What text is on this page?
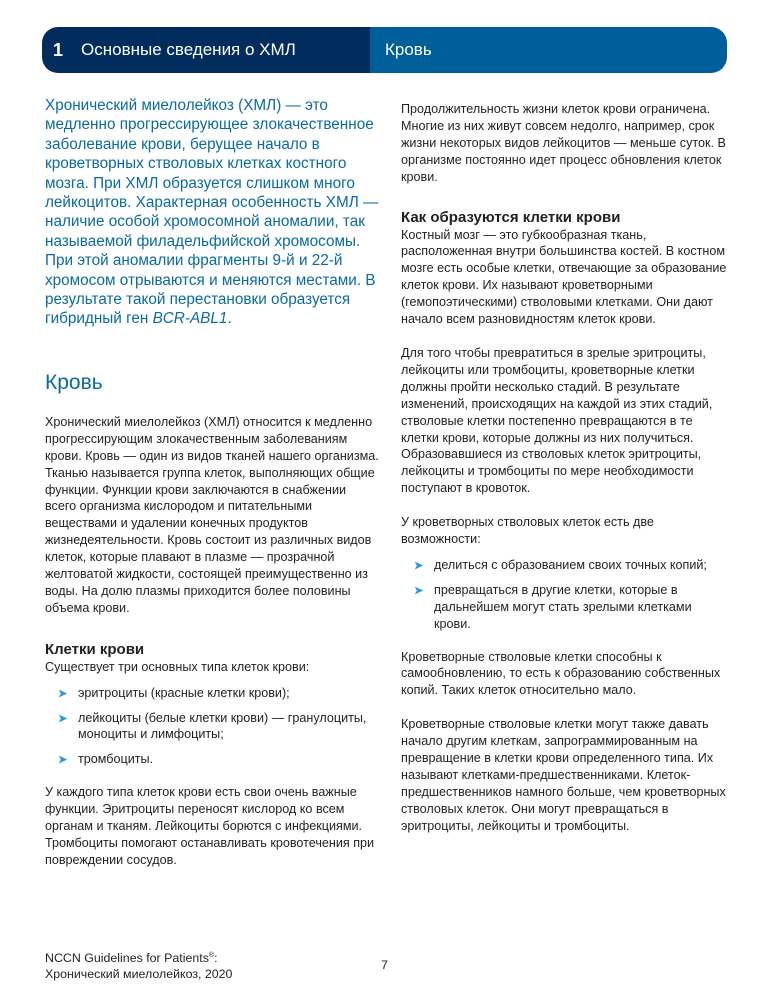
1	Основные сведения о ХМЛ	Кровь

Хронический миелолейкоз (ХМЛ) — это медленно прогрессирующее злокачественное заболевание крови, берущее начало в кроветворных стволовых клетках костного мозга. При ХМЛ образуется слишком много лейкоцитов. Характерная особенность ХМЛ — наличие особой хромосомной аномалии, так называемой филадельфийской хромосомы. При этой аномалии фрагменты 9-й и 22-й хромосом отрываются и меняются местами. В результате такой перестановки образуется гибридный ген BCR-ABL1.

Кровь

Хронический миелолейкоз (ХМЛ) относится к медленно прогрессирующим злокачественным заболеваниям крови. Кровь — один из видов тканей нашего организма. Тканью называется группа клеток, выполняющих общие функции. Функции крови заключаются в снабжении всего организма кислородом и питательными веществами и удалении конечных продуктов жизнедеятельности. Кровь состоит из различных видов клеток, которые плавают в плазме — прозрачной желтоватой жидкости, состоящей преимущественно из воды. На долю плазмы приходится более половины объема крови.

Клетки крови

Существует три основных типа клеток крови:

➤ эритроциты (красные клетки крови);
➤ лейкоциты (белые клетки крови) — гранулоциты, моноциты и лимфоциты;
➤ тромбоциты.

У каждого типа клеток крови есть свои очень важные функции. Эритроциты переносят кислород ко всем органам и тканям. Лейкоциты борются с инфекциями. Тромбоциты помогают останавливать кровотечения при повреждении сосудов.

Продолжительность жизни клеток крови ограничена. Многие из них живут совсем недолго, например, срок жизни некоторых видов лейкоцитов — меньше суток. В организме постоянно идет процесс обновления клеток крови.

Как образуются клетки крови

Костный мозг — это губкообразная ткань, расположенная внутри большинства костей. В костном мозге есть особые клетки, отвечающие за образование клеток крови. Их называют кроветворными (гемопоэтическими) стволовыми клетками. Они дают начало всем разновидностям клеток крови.

Для того чтобы превратиться в зрелые эритроциты, лейкоциты или тромбоциты, кроветворные клетки должны пройти несколько стадий. В результате изменений, происходящих на каждой из этих стадий, стволовые клетки постепенно превращаются в те клетки крови, которые должны из них получиться. Образовавшиеся из стволовых клеток эритроциты, лейкоциты и тромбоциты по мере необходимости поступают в кровоток.

У кроветворных стволовых клеток есть две возможности:

➤ делиться с образованием своих точных копий;
➤ превращаться в другие клетки, которые в дальнейшем могут стать зрелыми клетками крови.

Кроветворные стволовые клетки способны к самообновлению, то есть к образованию собственных копий. Таких клеток относительно мало.

Кроветворные стволовые клетки могут также давать начало другим клеткам, запрограммированным на превращение в клетки крови определенного типа. Их называют клетками-предшественниками. Клеток-предшественников намного больше, чем кроветворных стволовых клеток. Они могут превращаться в эритроциты, лейкоциты и тромбоциты.

NCCN Guidelines for Patients®:
Хронический миелолейкоз, 2020
7
